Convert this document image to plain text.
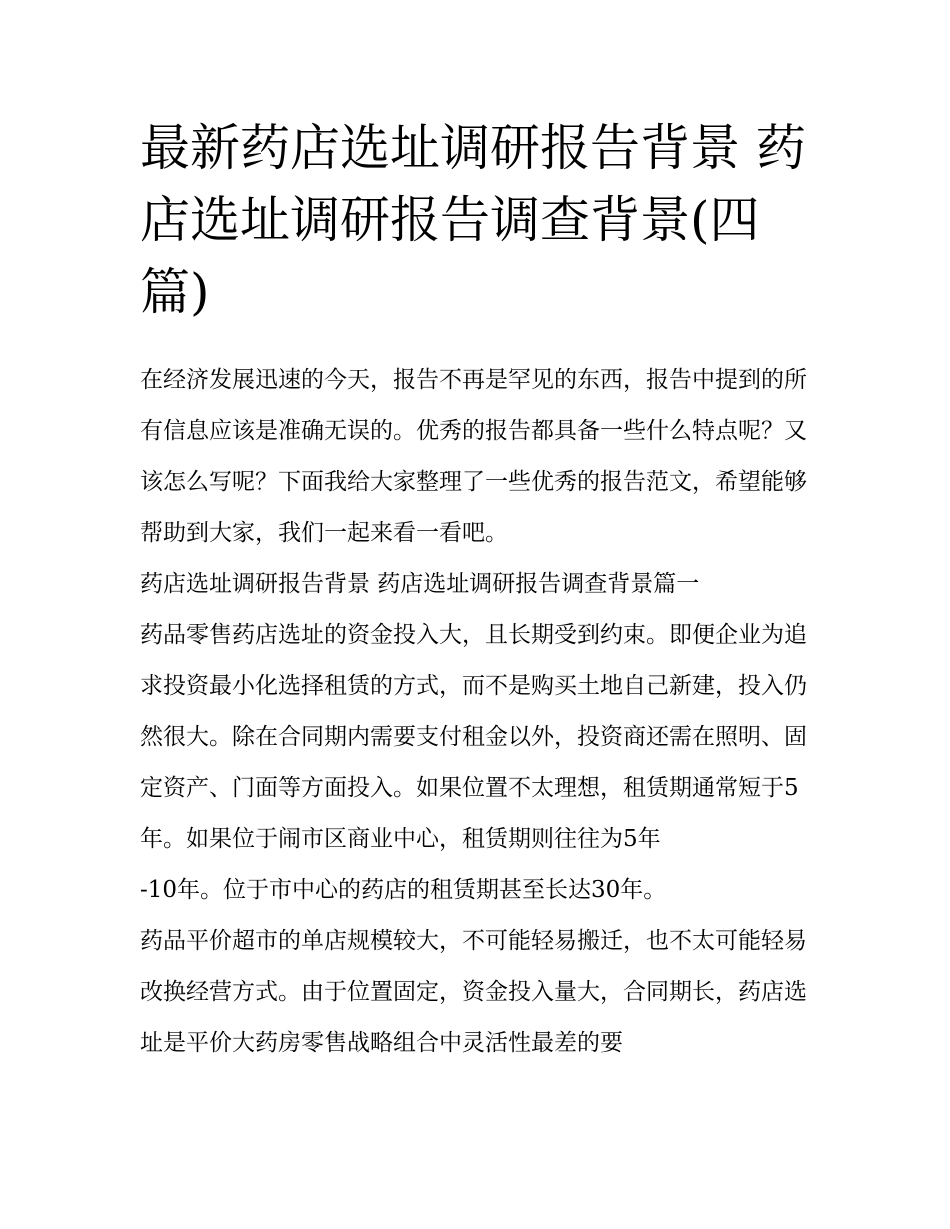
最新药店选址调研报告背景 药店选址调研报告调查背景(四篇)

在经济发展迅速的今天，报告不再是罕见的东西，报告中提到的所有信息应该是准确无误的。优秀的报告都具备一些什么特点呢？又该怎么写呢？下面我给大家整理了一些优秀的报告范文，希望能够帮助到大家，我们一起来看一看吧。

药店选址调研报告背景 药店选址调研报告调查背景篇一

药品零售药店选址的资金投入大，且长期受到约束。即便企业为追求投资最小化选择租赁的方式，而不是购买土地自己新建，投入仍然很大。除在合同期内需要支付租金以外，投资商还需在照明、固定资产、门面等方面投入。如果位置不太理想，租赁期通常短于5年。如果位于闹市区商业中心，租赁期则往往为5年

-10年。位于市中心的药店的租赁期甚至长达30年。

药品平价超市的单店规模较大，不可能轻易搬迁，也不太可能轻易改换经营方式。由于位置固定，资金投入量大，合同期长，药店选址是平价大药房零售战略组合中灵活性最差的要
